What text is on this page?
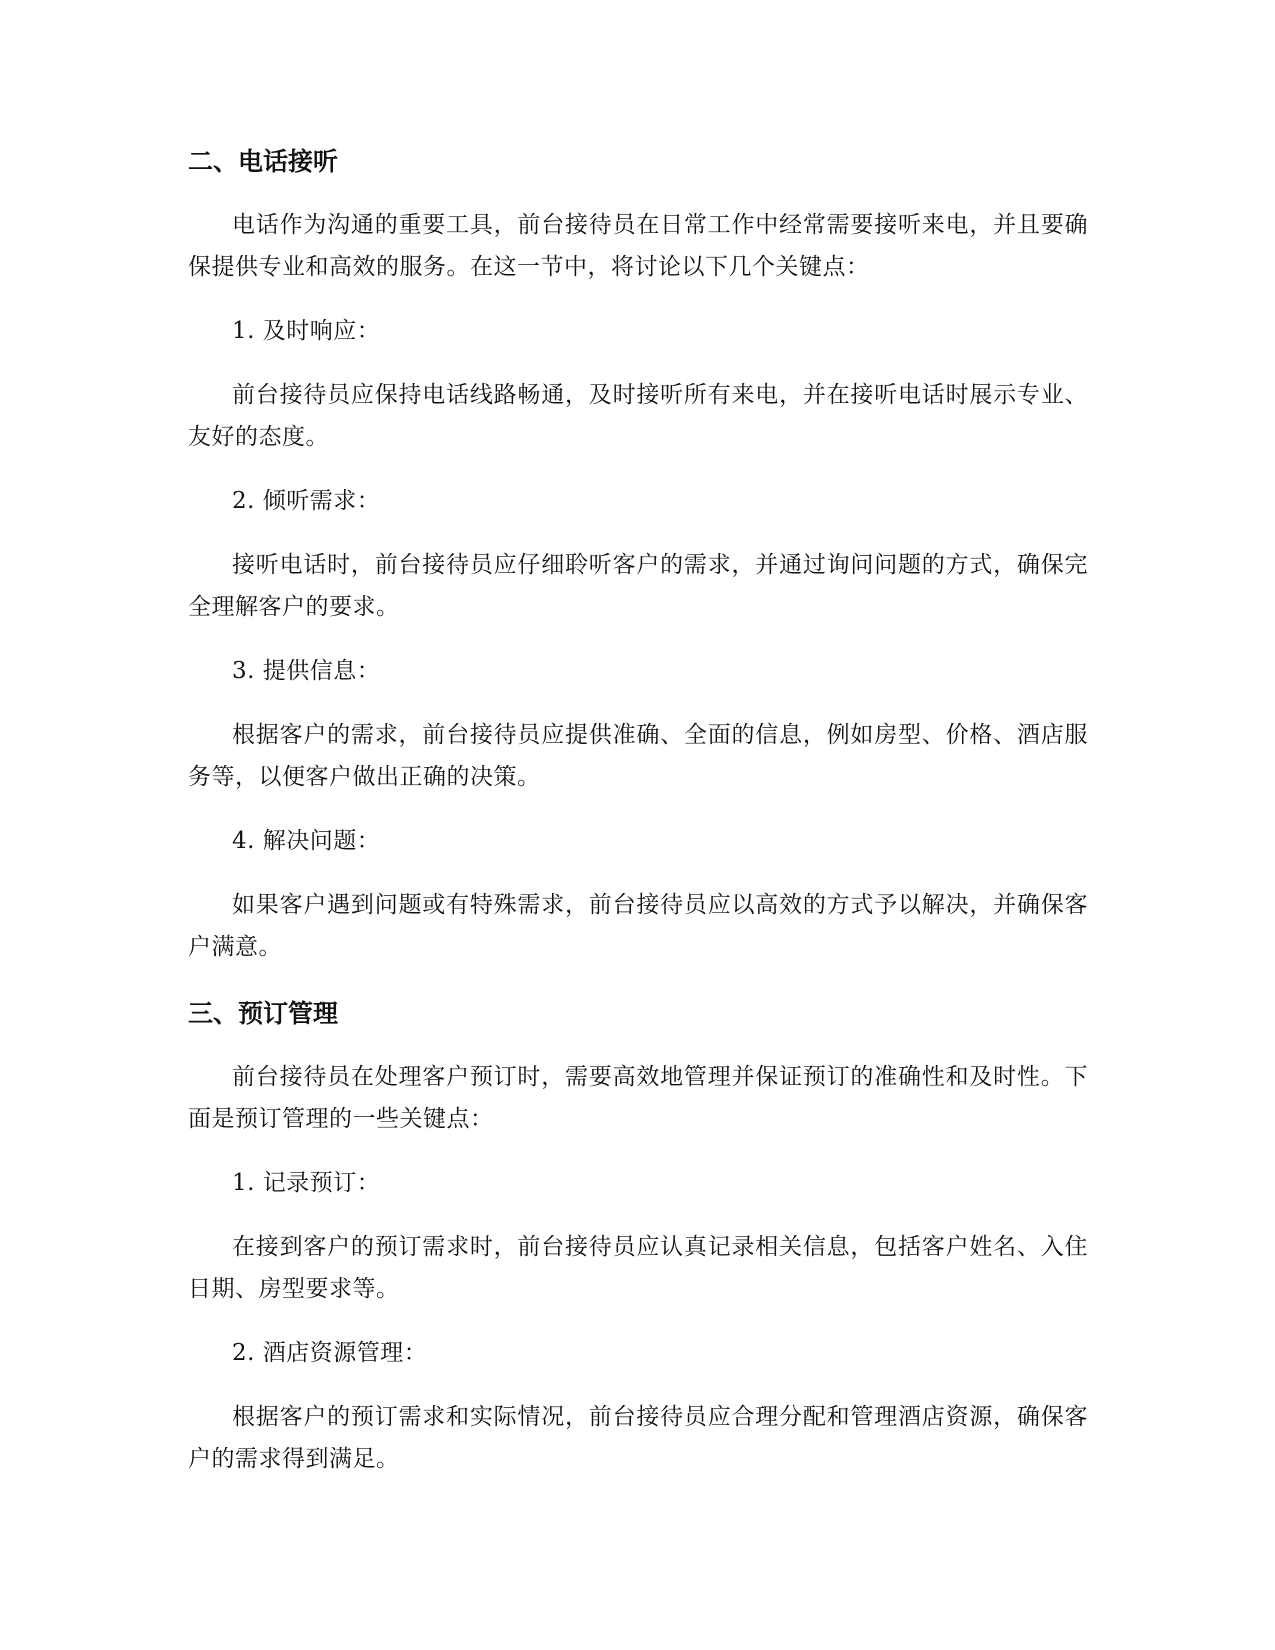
二、电话接听

电话作为沟通的重要工具，前台接待员在日常工作中经常需要接听来电，并且要确保提供专业和高效的服务。在这一节中，将讨论以下几个关键点：

1. 及时响应：

前台接待员应保持电话线路畅通，及时接听所有来电，并在接听电话时展示专业、友好的态度。

2. 倾听需求：

接听电话时，前台接待员应仔细聆听客户的需求，并通过询问问题的方式，确保完全理解客户的要求。

3. 提供信息：

根据客户的需求，前台接待员应提供准确、全面的信息，例如房型、价格、酒店服务等，以便客户做出正确的决策。

4. 解决问题：

如果客户遇到问题或有特殊需求，前台接待员应以高效的方式予以解决，并确保客户满意。

三、预订管理

前台接待员在处理客户预订时，需要高效地管理并保证预订的准确性和及时性。下面是预订管理的一些关键点：

1. 记录预订：

在接到客户的预订需求时，前台接待员应认真记录相关信息，包括客户姓名、入住日期、房型要求等。

2. 酒店资源管理：

根据客户的预订需求和实际情况，前台接待员应合理分配和管理酒店资源，确保客户的需求得到满足。
